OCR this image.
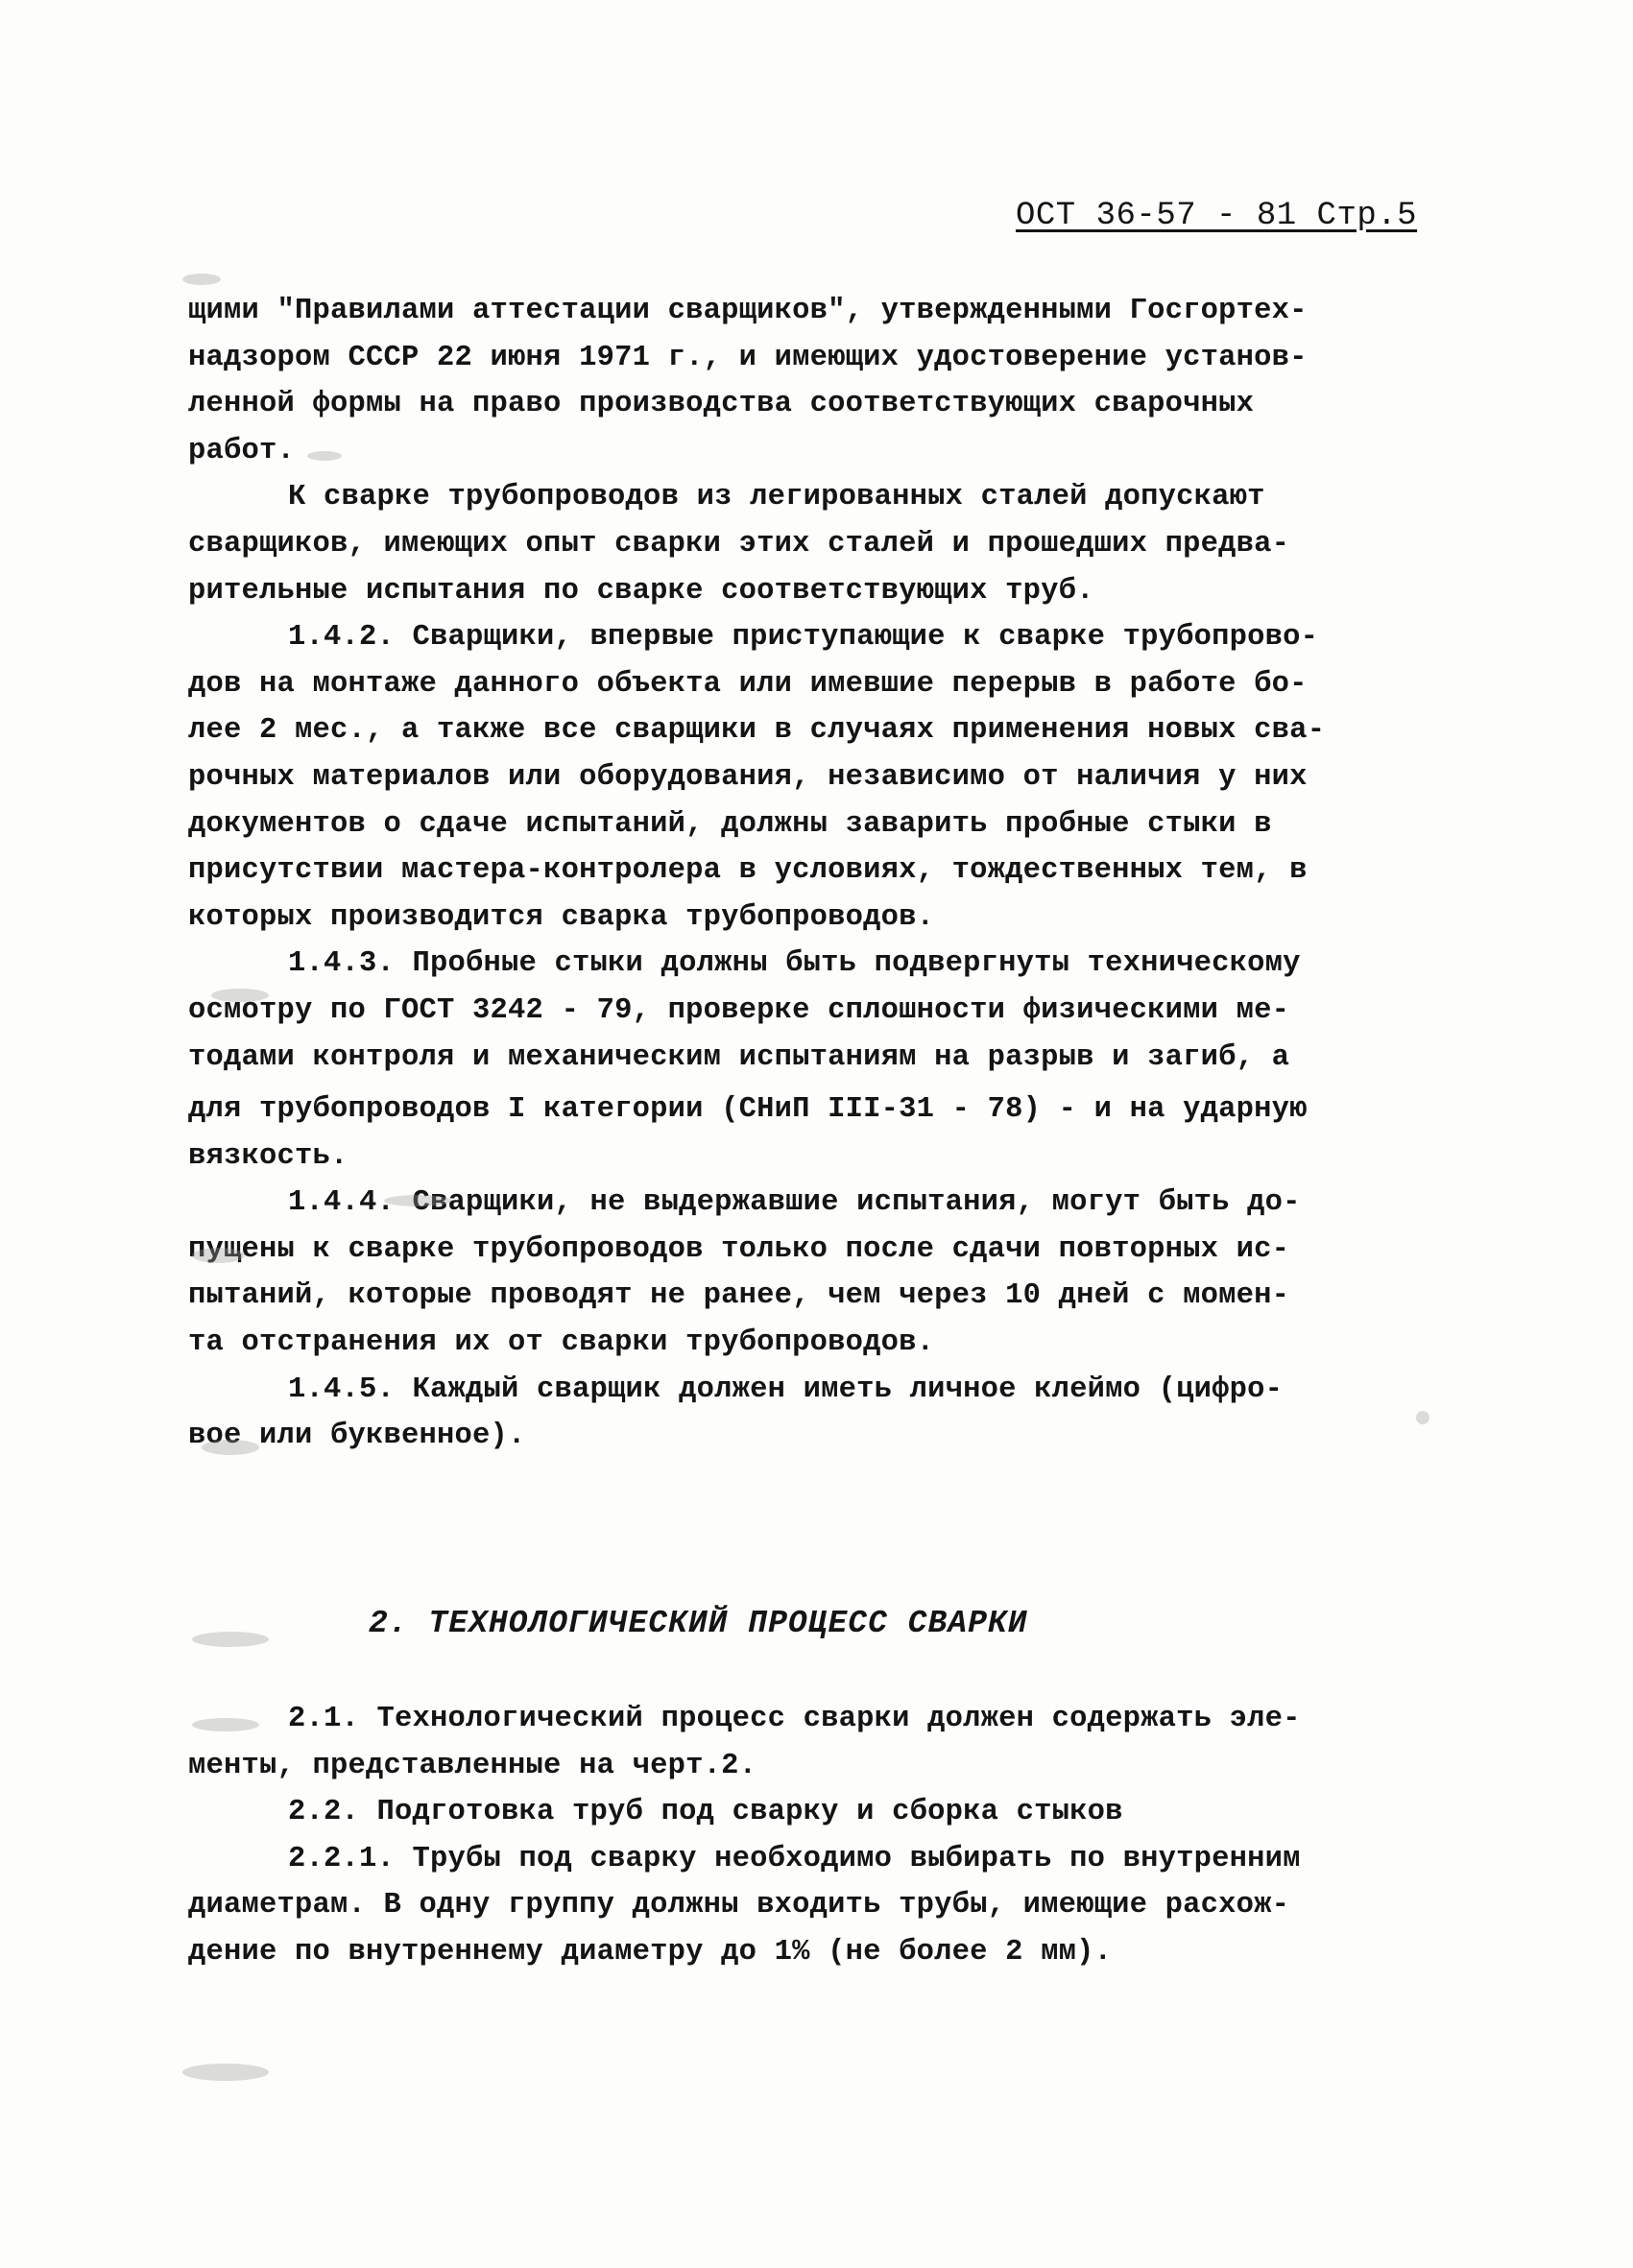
ОСТ 36-57 - 81 Стр.5
щими "Правилами аттестации сварщиков", утвержденными Госгортех-
надзором СССР 22 июня 1971 г., и имеющих удостоверение установ-
ленной формы на право производства соответствующих сварочных
работ.
К сварке трубопроводов из легированных сталей допускают
сварщиков, имеющих опыт сварки этих сталей и прошедших предва-
рительные испытания по сварке соответствующих труб.
1.4.2. Сварщики, впервые приступающие к сварке трубопрово-
дов на монтаже данного объекта или имевшие перерыв в работе бо-
лее 2 мес., а также все сварщики в случаях применения новых сва-
рочных материалов или оборудования, независимо от наличия у них
документов о сдаче испытаний, должны заварить пробные стыки в
присутствии мастера-контролера в условиях, тождественных тем, в
которых производится сварка трубопроводов.
1.4.3. Пробные стыки должны быть подвергнуты техническому
осмотру по ГОСТ 3242 - 79, проверке сплошности физическими ме-
тодами контроля и механическим испытаниям на разрыв и загиб, а
для трубопроводов I категории (СНиП III-31 - 78) - и на ударную
вязкость.
1.4.4. Сварщики, не выдержавшие испытания, могут быть до-
пущены к сварке трубопроводов только после сдачи повторных ис-
пытаний, которые проводят не ранее, чем через 10 дней с момен-
та отстранения их от сварки трубопроводов.
1.4.5. Каждый сварщик должен иметь личное клеймо (цифро-
вое или буквенное).
2. ТЕХНОЛОГИЧЕСКИЙ ПРОЦЕСС СВАРКИ
2.1. Технологический процесс сварки должен содержать эле-
менты, представленные на черт.2.
2.2. Подготовка труб под сварку и сборка стыков
2.2.1. Трубы под сварку необходимо выбирать по внутренним
диаметрам. В одну группу должны входить трубы, имеющие расхож-
дение по внутреннему диаметру до 1% (не более 2 мм).
